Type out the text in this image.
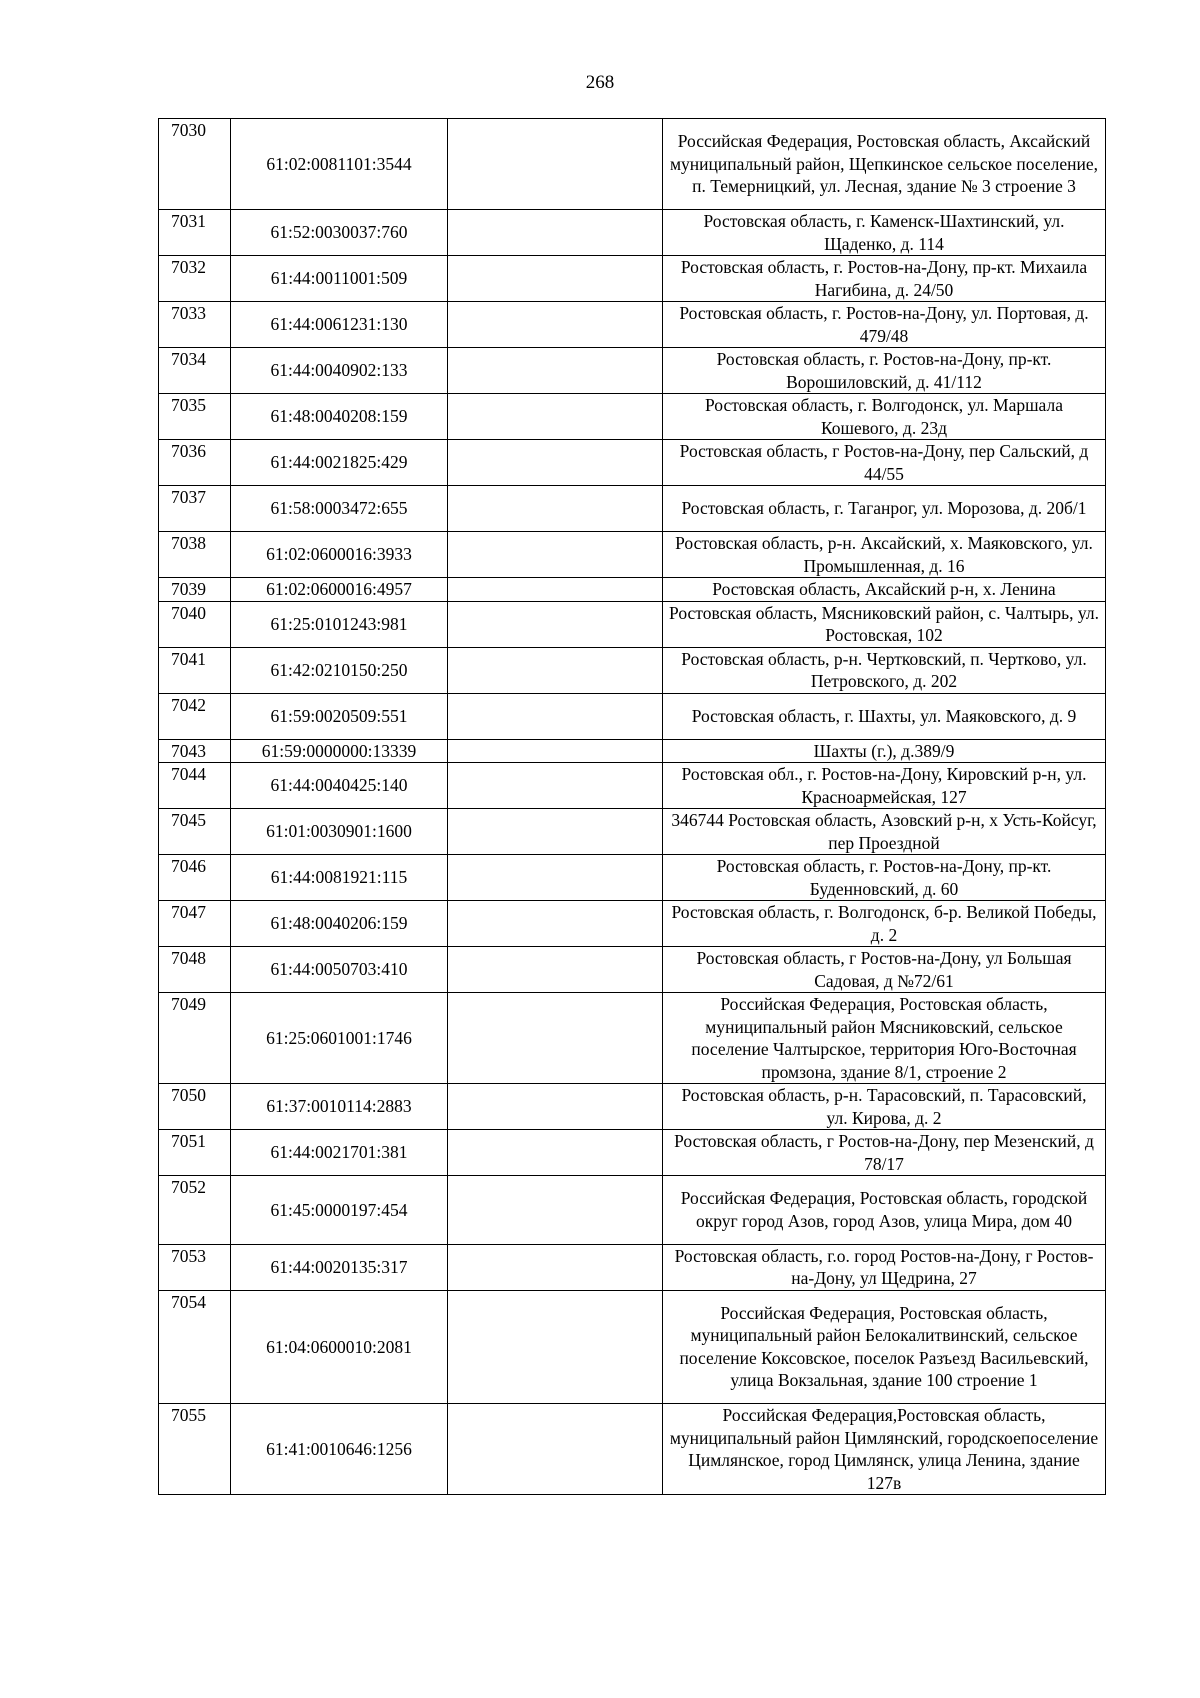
268
7030	61:02:0081101:3544		Российская Федерация, Ростовская область, Аксайский муниципальный район, Щепкинское сельское поселение, п. Темерницкий, ул. Лесная, здание № 3 строение 3
7031	61:52:0030037:760		Ростовская область, г. Каменск-Шахтинский, ул. Щаденко, д. 114
7032	61:44:0011001:509		Ростовская область, г. Ростов-на-Дону, пр-кт. Михаила Нагибина, д. 24/50
7033	61:44:0061231:130		Ростовская область, г. Ростов-на-Дону, ул. Портовая, д. 479/48
7034	61:44:0040902:133		Ростовская область, г. Ростов-на-Дону, пр-кт. Ворошиловский, д. 41/112
7035	61:48:0040208:159		Ростовская область, г. Волгодонск, ул. Маршала Кошевого, д. 23д
7036	61:44:0021825:429		Ростовская область, г Ростов-на-Дону, пер Сальский, д 44/55
7037	61:58:0003472:655		Ростовская область, г. Таганрог, ул. Морозова, д. 20б/1
7038	61:02:0600016:3933		Ростовская область, р-н. Аксайский, х. Маяковского, ул. Промышленная, д. 16
7039	61:02:0600016:4957		Ростовская область, Аксайский р-н, х. Ленина
7040	61:25:0101243:981		Ростовская область, Мясниковский район, с. Чалтырь, ул. Ростовская, 102
7041	61:42:0210150:250		Ростовская область, р-н. Чертковский, п. Чертково, ул. Петровского, д. 202
7042	61:59:0020509:551		Ростовская область, г. Шахты, ул. Маяковского, д. 9
7043	61:59:0000000:13339		Шахты (г.), д.389/9
7044	61:44:0040425:140		Ростовская обл., г. Ростов-на-Дону, Кировский р-н, ул. Красноармейская, 127
7045	61:01:0030901:1600		346744 Ростовская область, Азовский р-н, х Усть-Койсуг, пер Проездной
7046	61:44:0081921:115		Ростовская область, г. Ростов-на-Дону, пр-кт. Буденновский, д. 60
7047	61:48:0040206:159		Ростовская область, г. Волгодонск, б-р. Великой Победы, д. 2
7048	61:44:0050703:410		Ростовская область, г Ростов-на-Дону, ул Большая Садовая, д №72/61
7049	61:25:0601001:1746		Российская Федерация, Ростовская область, муниципальный район Мясниковский, сельское поселение Чалтырское, территория Юго-Восточная промзона, здание 8/1, строение 2
7050	61:37:0010114:2883		Ростовская область, р-н. Тарасовский, п. Тарасовский, ул. Кирова, д. 2
7051	61:44:0021701:381		Ростовская область, г Ростов-на-Дону, пер Мезенский, д 78/17
7052	61:45:0000197:454		Российская Федерация, Ростовская область, городской округ город Азов, город Азов, улица Мира, дом 40
7053	61:44:0020135:317		Ростовская область, г.о. город Ростов-на-Дону, г Ростов-на-Дону, ул Щедрина, 27
7054	61:04:0600010:2081		Российская Федерация, Ростовская область, муниципальный район Белокалитвинский, сельское поселение Коксовское, поселок Разъезд Васильевский, улица Вокзальная, здание 100 строение 1
7055	61:41:0010646:1256		Российская Федерация,Ростовская область, муниципальный район Цимлянский, городскоепоселение Цимлянское, город Цимлянск, улица Ленина, здание 127в
